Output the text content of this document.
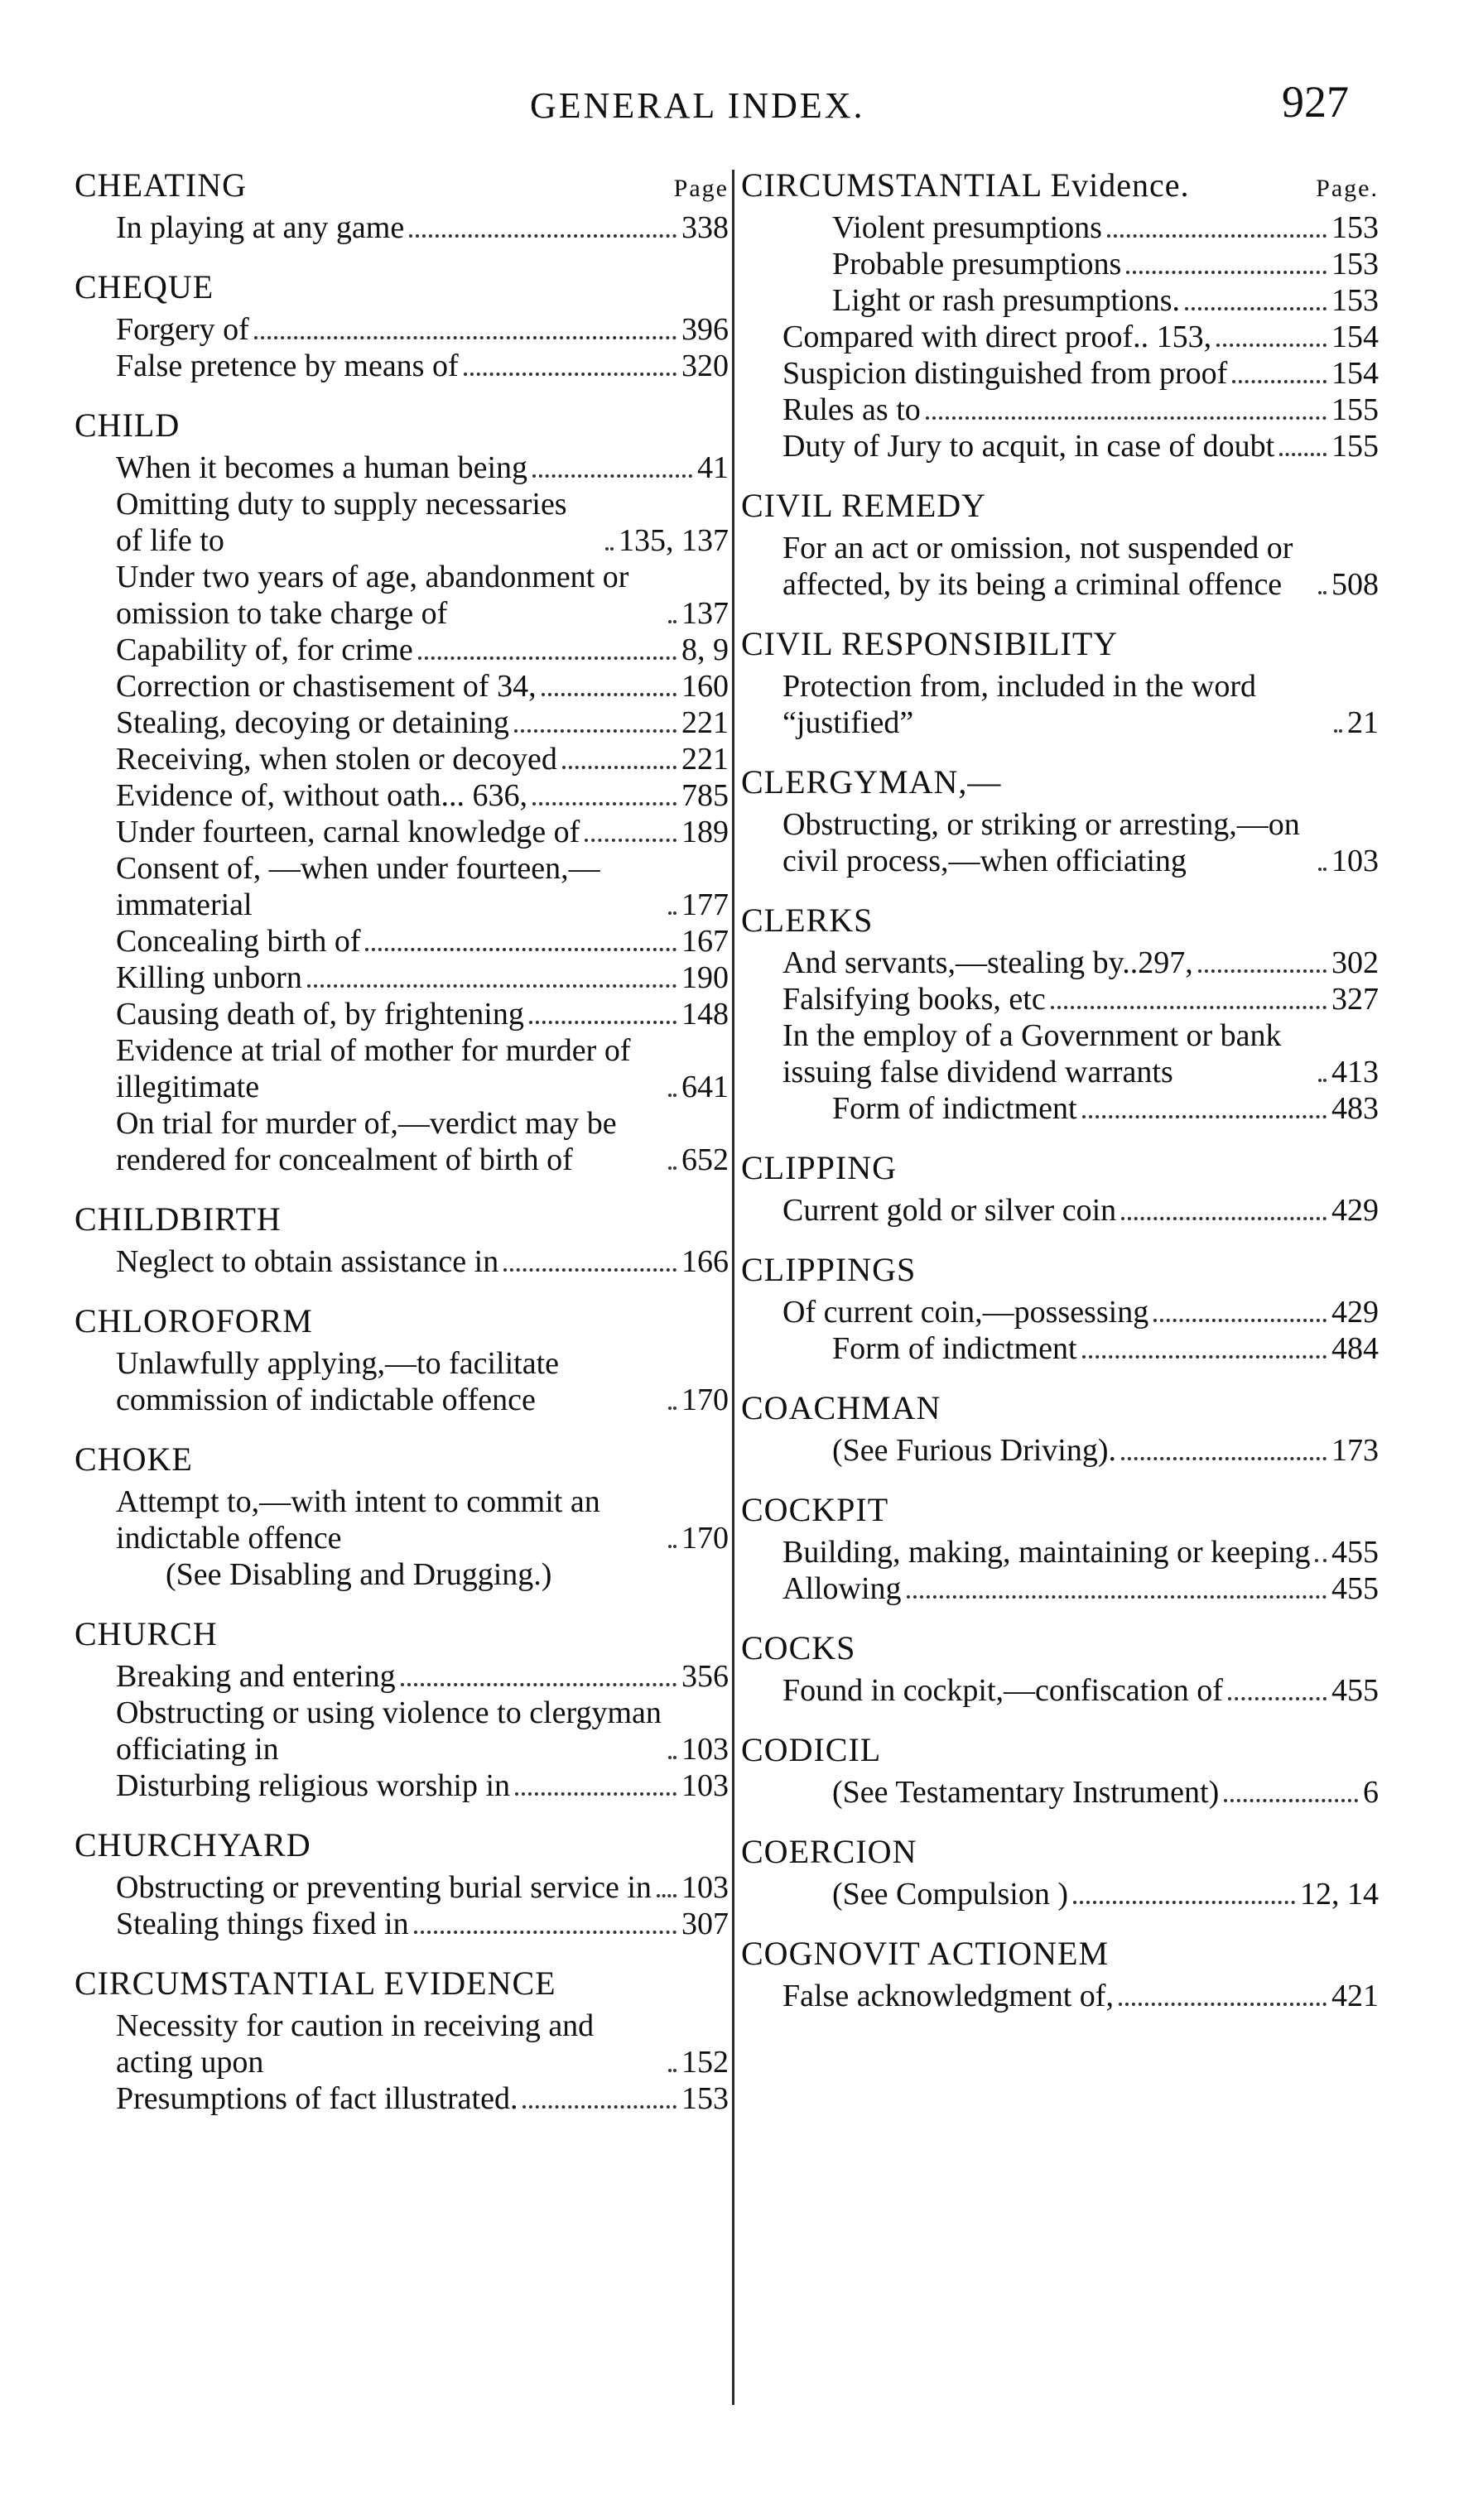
GENERAL INDEX.	927
CHEATING	Page
In playing at any game	338
CHEQUE
Forgery of	396
False pretence by means of	320
CHILD
When it becomes a human being	41
Omitting duty to supply necessaries of life to	135, 137
Under two years of age, abandonment or omission to take charge of	137
Capability of, for crime	8, 9
Correction or chastisement of 34,	160
Stealing, decoying or detaining	221
Receiving, when stolen or decoyed	221
Evidence of, without oath... 636,	785
Under fourteen, carnal knowledge of	189
Consent of, —when under fourteen,—immaterial	177
Concealing birth of	167
Killing unborn	190
Causing death of, by frightening	148
Evidence at trial of mother for murder of illegitimate	641
On trial for murder of,—verdict may be rendered for concealment of birth of	652
CHILDBIRTH
Neglect to obtain assistance in	166
CHLOROFORM
Unlawfully applying,—to facilitate commission of indictable offence	170
CHOKE
Attempt to,—with intent to commit an indictable offence	170
(See Disabling and Drugging.)
CHURCH
Breaking and entering	356
Obstructing or using violence to clergyman officiating in	103
Disturbing religious worship in	103
CHURCHYARD
Obstructing or preventing burial service in 103
Stealing things fixed in	307
CIRCUMSTANTIAL EVIDENCE
Necessity for caution in receiving and acting upon	152
Presumptions of fact illustrated.	153
CIRCUMSTANTIAL Evidence.	Page.
Violent presumptions	153
Probable presumptions	153
Light or rash presumptions.	153
Compared with direct proof.. 153,	154
Suspicion distinguished from proof	154
Rules as to	155
Duty of Jury to acquit, in case of doubt 155
CIVIL REMEDY
For an act or omission, not suspended or affected, by its being a criminal offence	508
CIVIL RESPONSIBILITY
Protection from, included in the word “justified”	21
CLERGYMAN,—
Obstructing, or striking or arresting,—on civil process,—when officiating	103
CLERKS
And servants,—stealing by..297,	302
Falsifying books, etc	327
In the employ of a Government or bank issuing false dividend warrants	413
Form of indictment	483
CLIPPING
Current gold or silver coin	429
CLIPPINGS
Of current coin,—possessing	429
Form of indictment	484
COACHMAN
(See Furious Driving).	173
COCKPIT
Building, making, maintaining or keeping 455
Allowing	455
COCKS
Found in cockpit,—confiscation of	455
CODICIL
(See Testamentary Instrument)	6
COERCION
(See Compulsion )	12, 14
COGNOVIT ACTIONEM
False acknowledgment of,	421
